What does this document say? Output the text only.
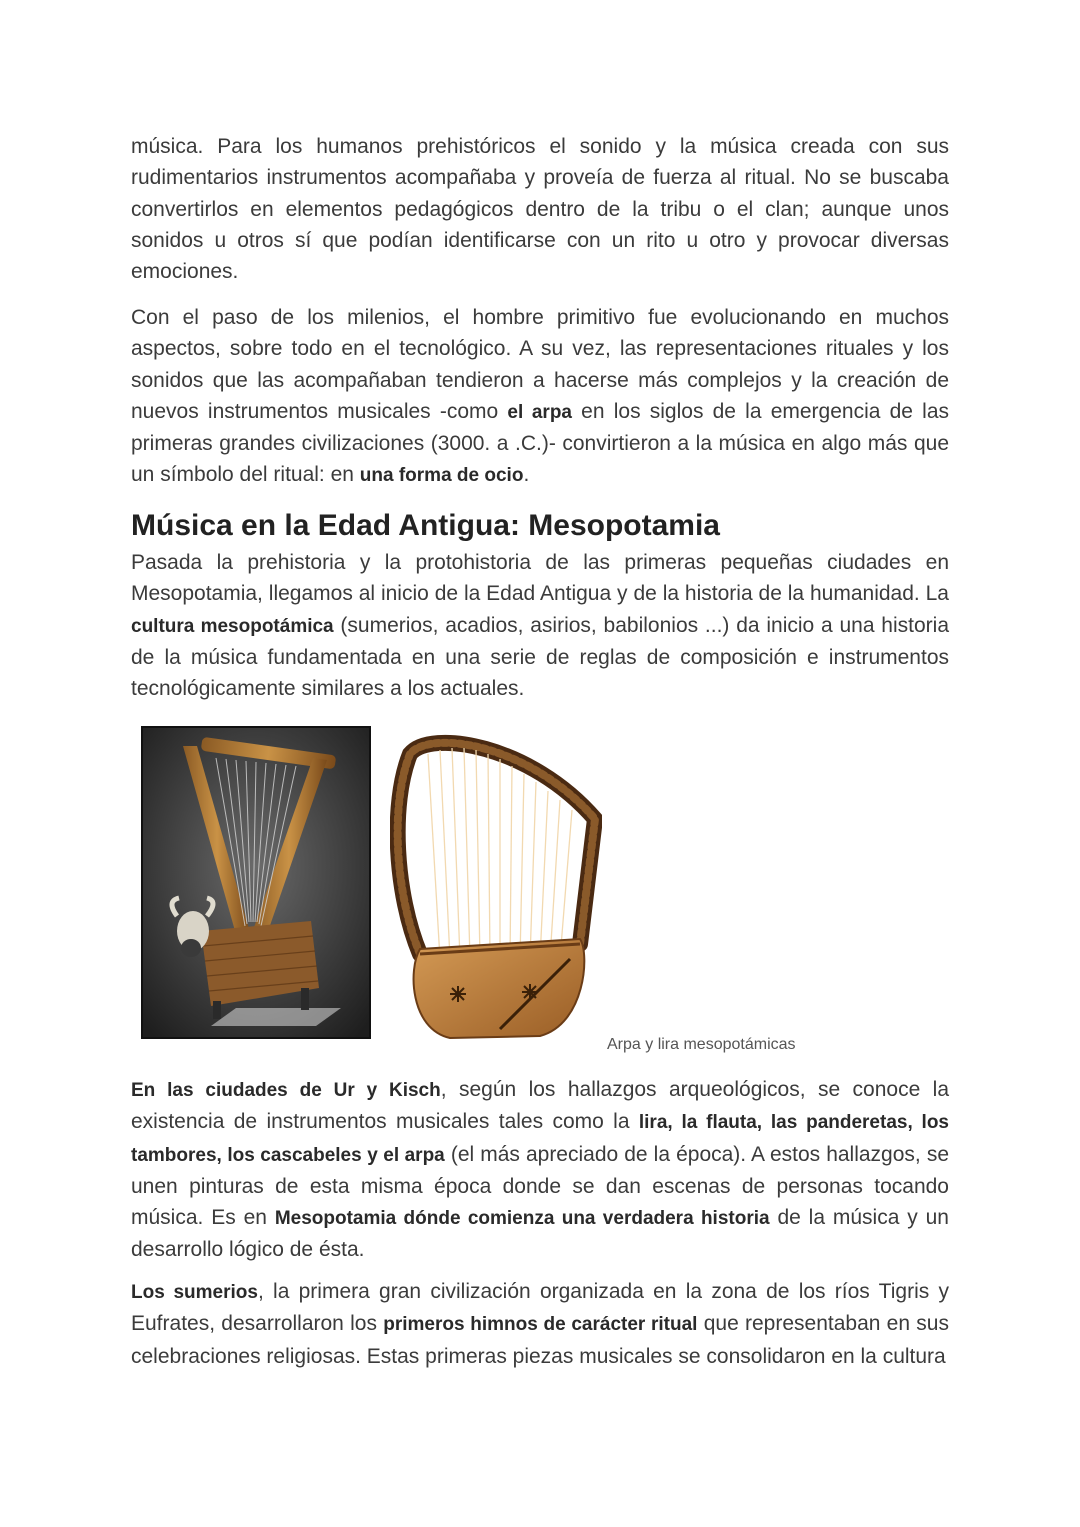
música. Para los humanos prehistóricos el sonido y la música creada con sus rudimentarios instrumentos acompañaba y proveía de fuerza al ritual. No se buscaba convertirlos en elementos pedagógicos dentro de la tribu o el clan; aunque unos sonidos u otros sí que podían identificarse con un rito u otro y provocar diversas emociones.

Con el paso de los milenios, el hombre primitivo fue evolucionando en muchos aspectos, sobre todo en el tecnológico. A su vez, las representaciones rituales y los sonidos que las acompañaban tendieron a hacerse más complejos y la creación de nuevos instrumentos musicales -como el arpa en los siglos de la emergencia de las primeras grandes civilizaciones (3000. a .C.)- convirtieron a la música en algo más que un símbolo del ritual: en una forma de ocio.

Música en la Edad Antigua: Mesopotamia

Pasada la prehistoria y la protohistoria de las primeras pequeñas ciudades en Mesopotamia, llegamos al inicio de la Edad Antigua y de la historia de la humanidad. La cultura mesopotámica (sumerios, acadios, asirios, babilonios ...) da inicio a una historia de la música fundamentada en una serie de reglas de composición e instrumentos tecnológicamente similares a los actuales.

Arpa y lira mesopotámicas

En las ciudades de Ur y Kisch, según los hallazgos arqueológicos, se conoce la existencia de instrumentos musicales tales como la lira, la flauta, las panderetas, los tambores, los cascabeles y el arpa (el más apreciado de la época). A estos hallazgos, se unen pinturas de esta misma época donde se dan escenas de personas tocando música. Es en Mesopotamia dónde comienza una verdadera historia de la música y un desarrollo lógico de ésta.

Los sumerios, la primera gran civilización organizada en la zona de los ríos Tigris y Eufrates, desarrollaron los primeros himnos de carácter ritual que representaban en sus celebraciones religiosas. Estas primeras piezas musicales se consolidaron en la cultura
